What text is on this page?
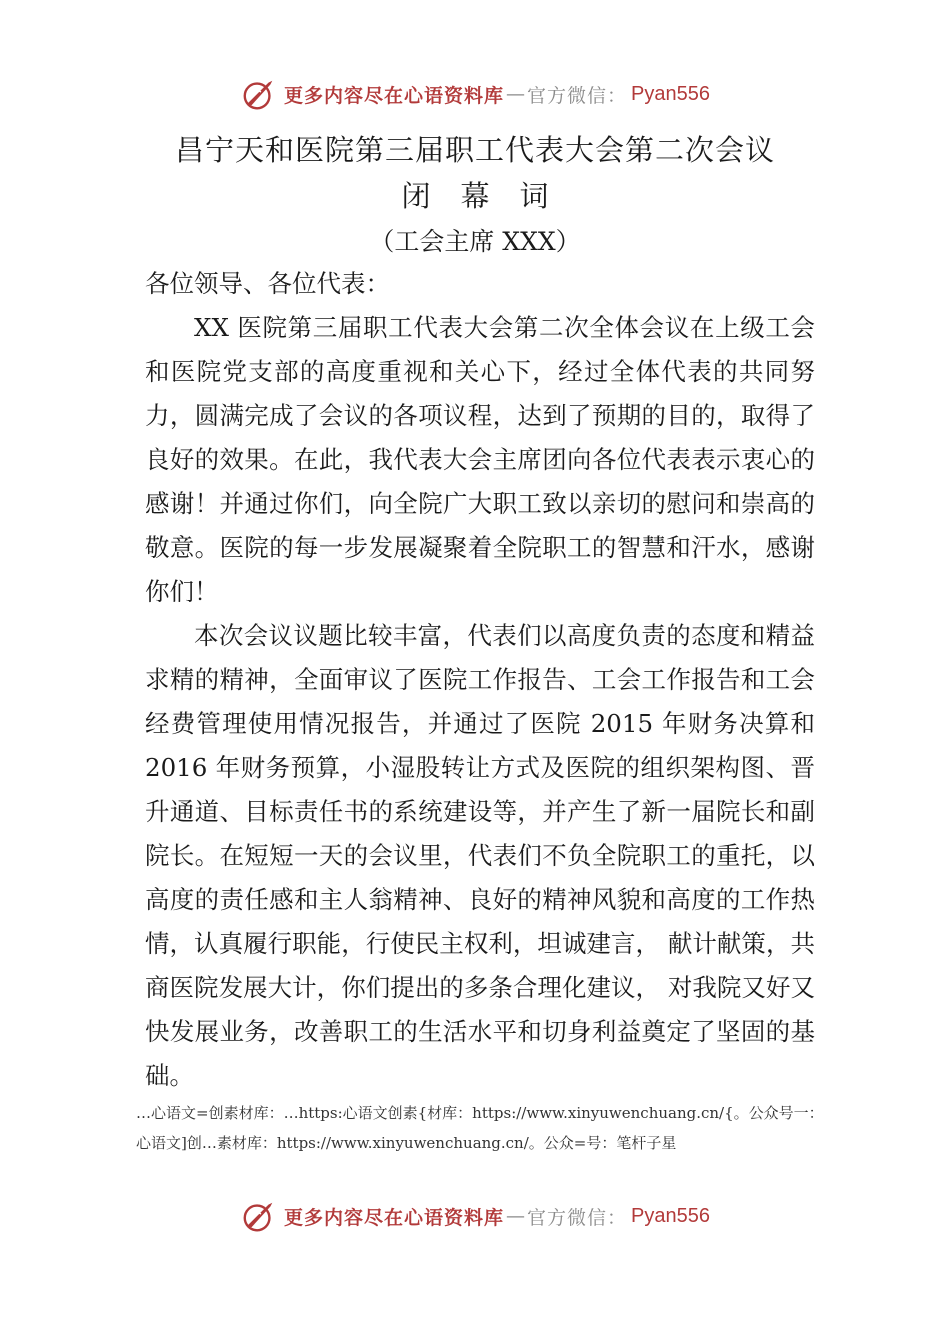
更多内容尽在心语资料库 — 官方微信： Pyan556
昌宁天和医院第三届职工代表大会第二次会议
闭幕词
（工会主席 XXX）

各位领导、各位代表：

XX 医院第三届职工代表大会第二次全体会议在上级工会和医院党支部的高度重视和关心下，经过全体代表的共同努力，圆满完成了会议的各项议程，达到了预期的目的，取得了良好的效果。在此，我代表大会主席团向各位代表表示衷心的感谢！并通过你们，向全院广大职工致以亲切的慰问和崇高的敬意。医院的每一步发展凝聚着全院职工的智慧和汗水，感谢你们！

本次会议议题比较丰富，代表们以高度负责的态度和精益求精的精神，全面审议了医院工作报告、工会工作报告和工会经费管理使用情况报告，并通过了医院 2015 年财务决算和 2016 年财务预算，小湿股转让方式及医院的组织架构图、晋升通道、目标责任书的系统建设等，并产生了新一届院长和副院长。在短短一天的会议里，代表们不负全院职工的重托，以高度的责任感和主人翁精神、良好的精神风貌和高度的工作热情，认真履行职能，行使民主权利，坦诚建言， 献计献策，共商医院发展大计，你们提出的多条合理化建议， 对我院又好又快发展业务，改善职工的生活水平和切身利益奠定了坚固的基础。

…心语文=创素材库：…https:心语文创素{材库：https://www.xinyuwenchuang.cn/{。公众号一：心语文]创…素材库：https://www.xinyuwenchuang.cn/。公众=号：笔杆子星
更多内容尽在心语资料库 — 官方微信： Pyan556
